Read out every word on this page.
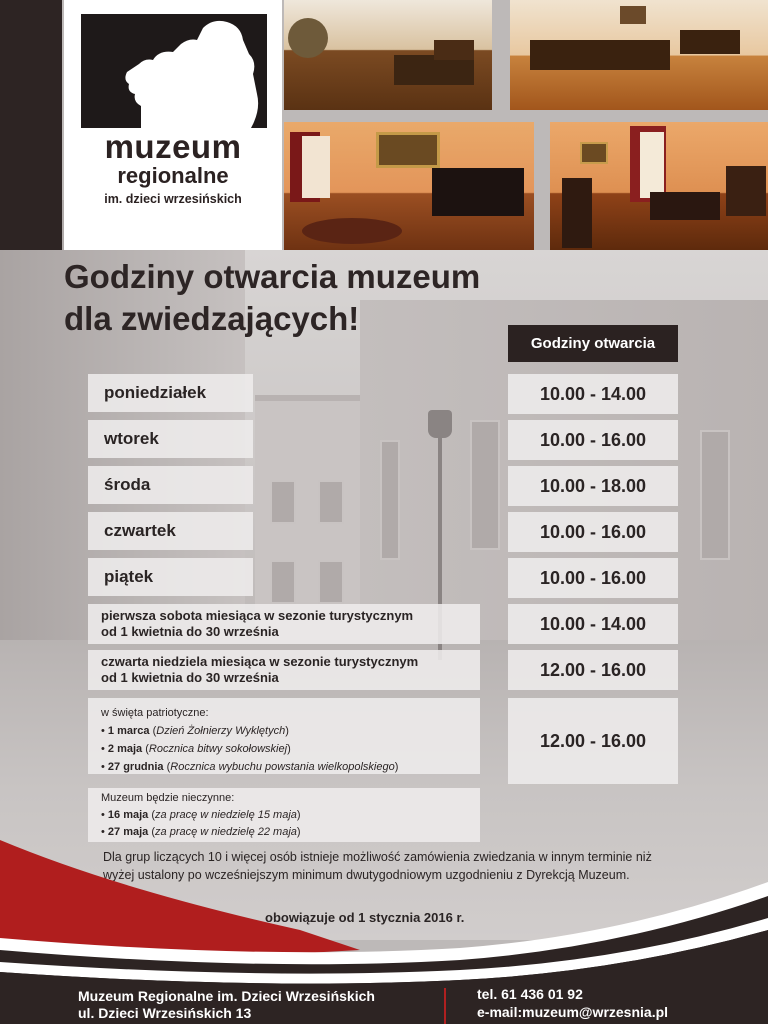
muzeum
regionalne
im. dzieci wrzesińskich
Godziny otwarcia muzeum
dla zwiedzających!
Godziny otwarcia
poniedziałek	10.00 - 14.00
wtorek	10.00 - 16.00
środa	10.00 - 18.00
czwartek	10.00 - 16.00
piątek	10.00 - 16.00
pierwsza sobota miesiąca w sezonie turystycznym
od 1 kwietnia do 30 września	10.00 - 14.00
czwarta niedziela miesiąca w sezonie turystycznym
od 1 kwietnia do 30 września	12.00 - 16.00
w święta patriotyczne:
• 1 marca (Dzień Żołnierzy Wyklętych)
• 2 maja (Rocznica bitwy sokołowskiej)
• 27 grudnia (Rocznica wybuchu powstania wielkopolskiego)
12.00 - 16.00
Muzeum będzie nieczynne:
• 16 maja (za pracę w niedzielę 15 maja)
• 27 maja (za pracę w niedzielę 22 maja)
Dla grup liczących 10 i więcej osób istnieje możliwość zamówienia zwiedzania w innym terminie niż wyżej ustalony po wcześniejszym minimum dwutygodniowym uzgodnieniu z Dyrekcją Muzeum.
obowiązuje od 1 stycznia 2016 r.
Muzeum Regionalne im. Dzieci Wrzesińskich
ul. Dzieci Wrzesińskich 13
tel. 61 436 01 92
e-mail:muzeum@wrzesnia.pl
